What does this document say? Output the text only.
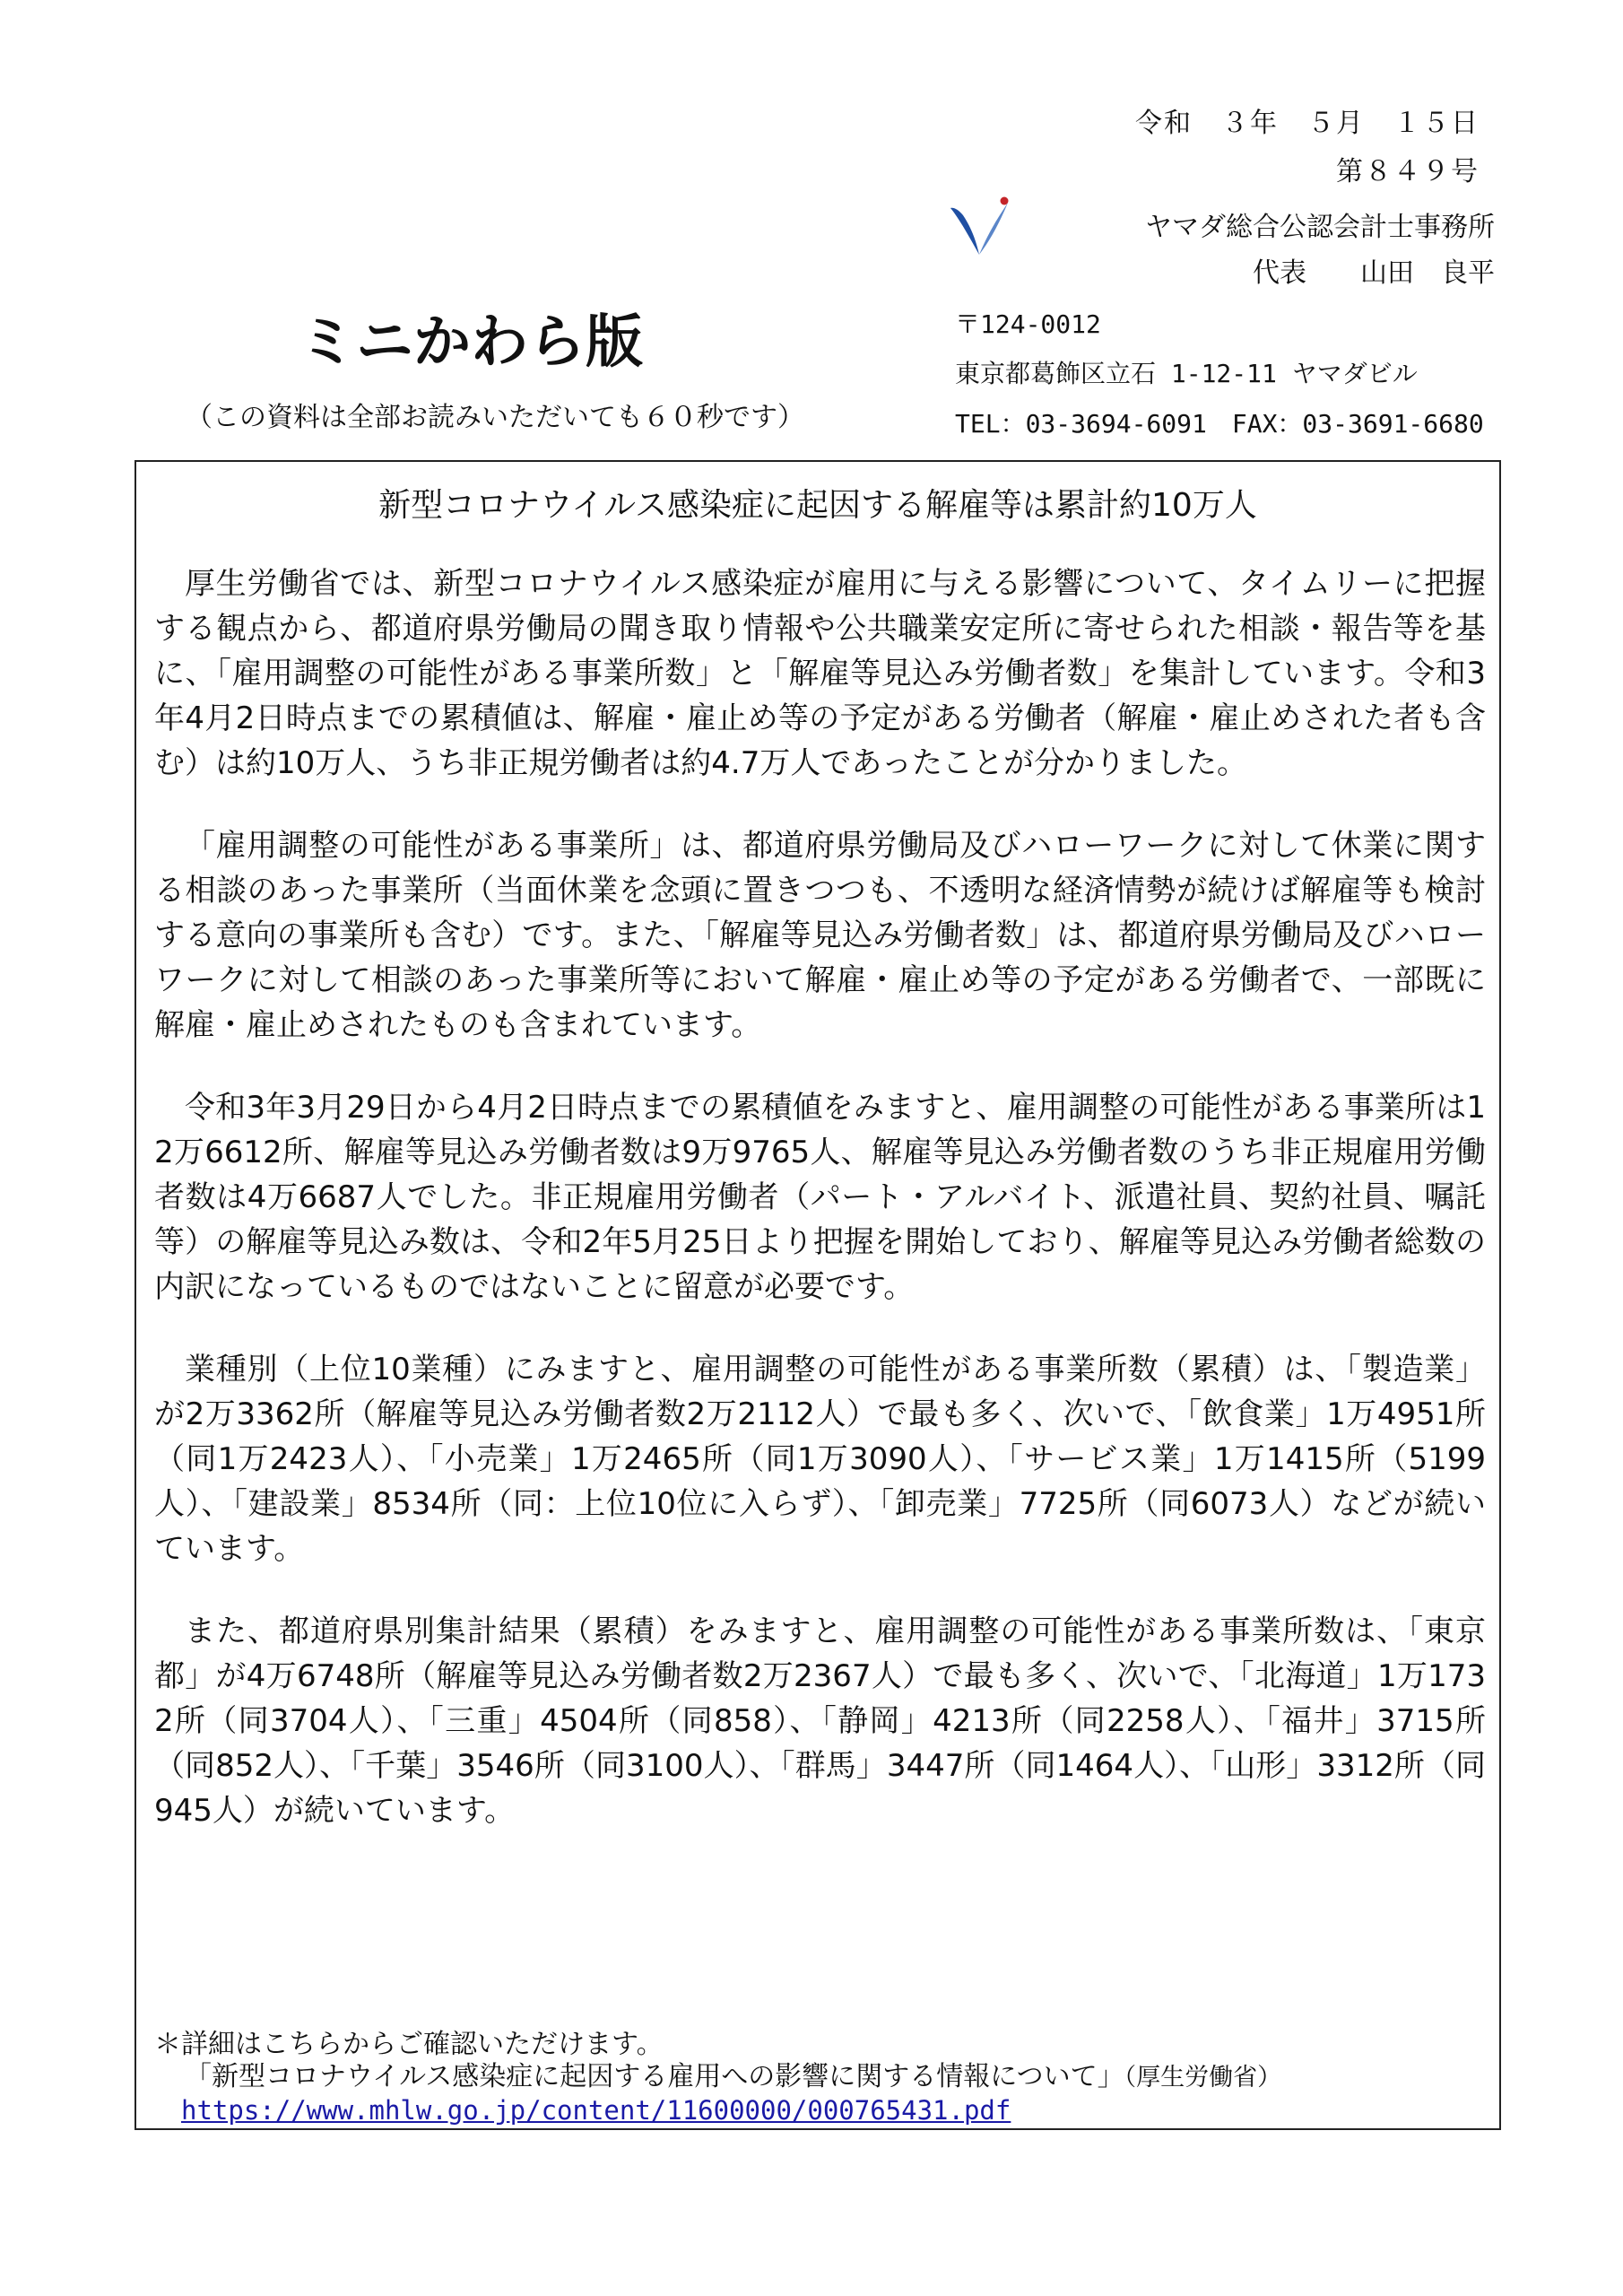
令和　３年　５月　１５日
第８４９号
ヤマダ総合公認会計士事務所
代表　　山田　良平
ミニかわら版
（この資料は全部お読みいただいても６０秒です）
〒124-0012
東京都葛飾区立石 1-12-11 ヤマダビル
TEL：03-3694-6091　FAX：03-3691-6680
新型コロナウイルス感染症に起因する解雇等は累計約10万人

厚生労働省では、新型コロナウイルス感染症が雇用に与える影響について、タイムリーに把握する観点から、都道府県労働局の聞き取り情報や公共職業安定所に寄せられた相談・報告等を基に、「雇用調整の可能性がある事業所数」と「解雇等見込み労働者数」を集計しています。令和3年4月2日時点までの累積値は、解雇・雇止め等の予定がある労働者（解雇・雇止めされた者も含む）は約10万人、うち非正規労働者は約4.7万人であったことが分かりました。

「雇用調整の可能性がある事業所」は、都道府県労働局及びハローワークに対して休業に関する相談のあった事業所（当面休業を念頭に置きつつも、不透明な経済情勢が続けば解雇等も検討する意向の事業所も含む）です。また、「解雇等見込み労働者数」は、都道府県労働局及びハローワークに対して相談のあった事業所等において解雇・雇止め等の予定がある労働者で、一部既に解雇・雇止めされたものも含まれています。

令和3年3月29日から4月2日時点までの累積値をみますと、雇用調整の可能性がある事業所は12万6612所、解雇等見込み労働者数は9万9765人、解雇等見込み労働者数のうち非正規雇用労働者数は4万6687人でした。非正規雇用労働者（パート・アルバイト、派遣社員、契約社員、嘱託等）の解雇等見込み数は、令和2年5月25日より把握を開始しており、解雇等見込み労働者総数の内訳になっているものではないことに留意が必要です。

業種別（上位10業種）にみますと、雇用調整の可能性がある事業所数（累積）は、「製造業」が2万3362所（解雇等見込み労働者数2万2112人）で最も多く、次いで、「飲食業」1万4951所（同1万2423人）、「小売業」1万2465所（同1万3090人）、「サービス業」1万1415所（5199人）、「建設業」8534所（同：上位10位に入らず）、「卸売業」7725所（同6073人）などが続いています。

また、都道府県別集計結果（累積）をみますと、雇用調整の可能性がある事業所数は、「東京都」が4万6748所（解雇等見込み労働者数2万2367人）で最も多く、次いで、「北海道」1万1732所（同3704人）、「三重」4504所（同858）、「静岡」4213所（同2258人）、「福井」3715所（同852人）、「千葉」3546所（同3100人）、「群馬」3447所（同1464人）、「山形」3312所（同945人）が続いています。

＊詳細はこちらからご確認いただけます。
「新型コロナウイルス感染症に起因する雇用への影響に関する情報について」（厚生労働省）
https://www.mhlw.go.jp/content/11600000/000765431.pdf
